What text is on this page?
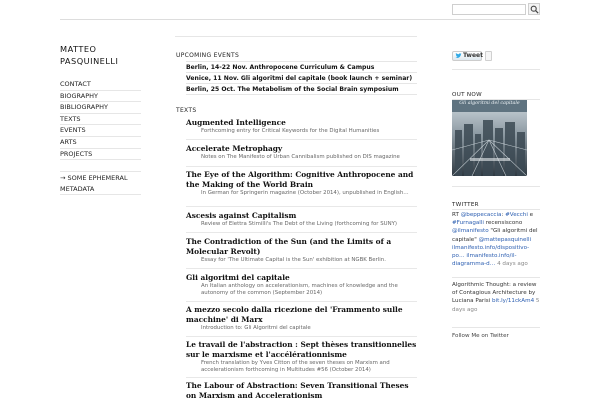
MATTEO
PASQUINELLI
CONTACT
BIOGRAPHY
BIBLIOGRAPHY
TEXTS
EVENTS
ARTS
PROJECTS
→ SOME EPHEMERAL METADATA
UPCOMING EVENTS
Berlin, 14-22 Nov. Anthropocene Curriculum & Campus
Venice, 11 Nov. Gli algoritmi del capitale (book launch + seminar)
Berlin, 25 Oct. The Metabolism of the Social Brain symposium
TEXTS
Augmented Intelligence
Forthcoming entry for Critical Keywords for the Digital Humanities
Accelerate Metrophagy
Notes on The Manifesto of Urban Cannibalism published on DIS magazine
The Eye of the Algorithm: Cognitive Anthropocene and the Making of the World Brain
In German for Springerin magazine (October 2014), unpublished in English…
Ascesis against Capitalism
Review of Elettra Stimilli's The Debt of the Living (forthcoming for SUNY)
The Contradiction of the Sun (and the Limits of a Molecular Revolt)
Essay for 'The Ultimate Capital is the Sun' exhibition at NGBK Berlin.
Gli algoritmi del capitale
An Italian anthology on accelerationism, machines of knowledge and the autonomy of the common (September 2014)
A mezzo secolo dalla ricezione del 'Frammento sulle macchine' di Marx
Introduction to: Gli Algoritmi del capitale
Le travail de l'abstraction : Sept thèses transitionnelles sur le marxisme et l'accélérationnisme
French translation by Yves Citton of the seven theses on Marxism and accelerationism forthcoming in Multitudes #56 (October 2014)
The Labour of Abstraction: Seven Transitional Theses on Marxism and Accelerationism
Tweet
OUT NOW
Gli algoritmi del capitale
TWITTER
RT @beppecaccia: #Vecchi e #Furnagalli recensiscono @ilmanifesto "Gli algoritmi del capitale" @mattepasquinelli ilmanifesto.info/dispositivo-po… ilmanifesto.info/il-diagramma-d… 4 days ago
Algorithmic Thought: a review of Contagious Architecture by Luciana Parisi bit.ly/11ckAm4 5 days ago
Follow Me on Twitter
